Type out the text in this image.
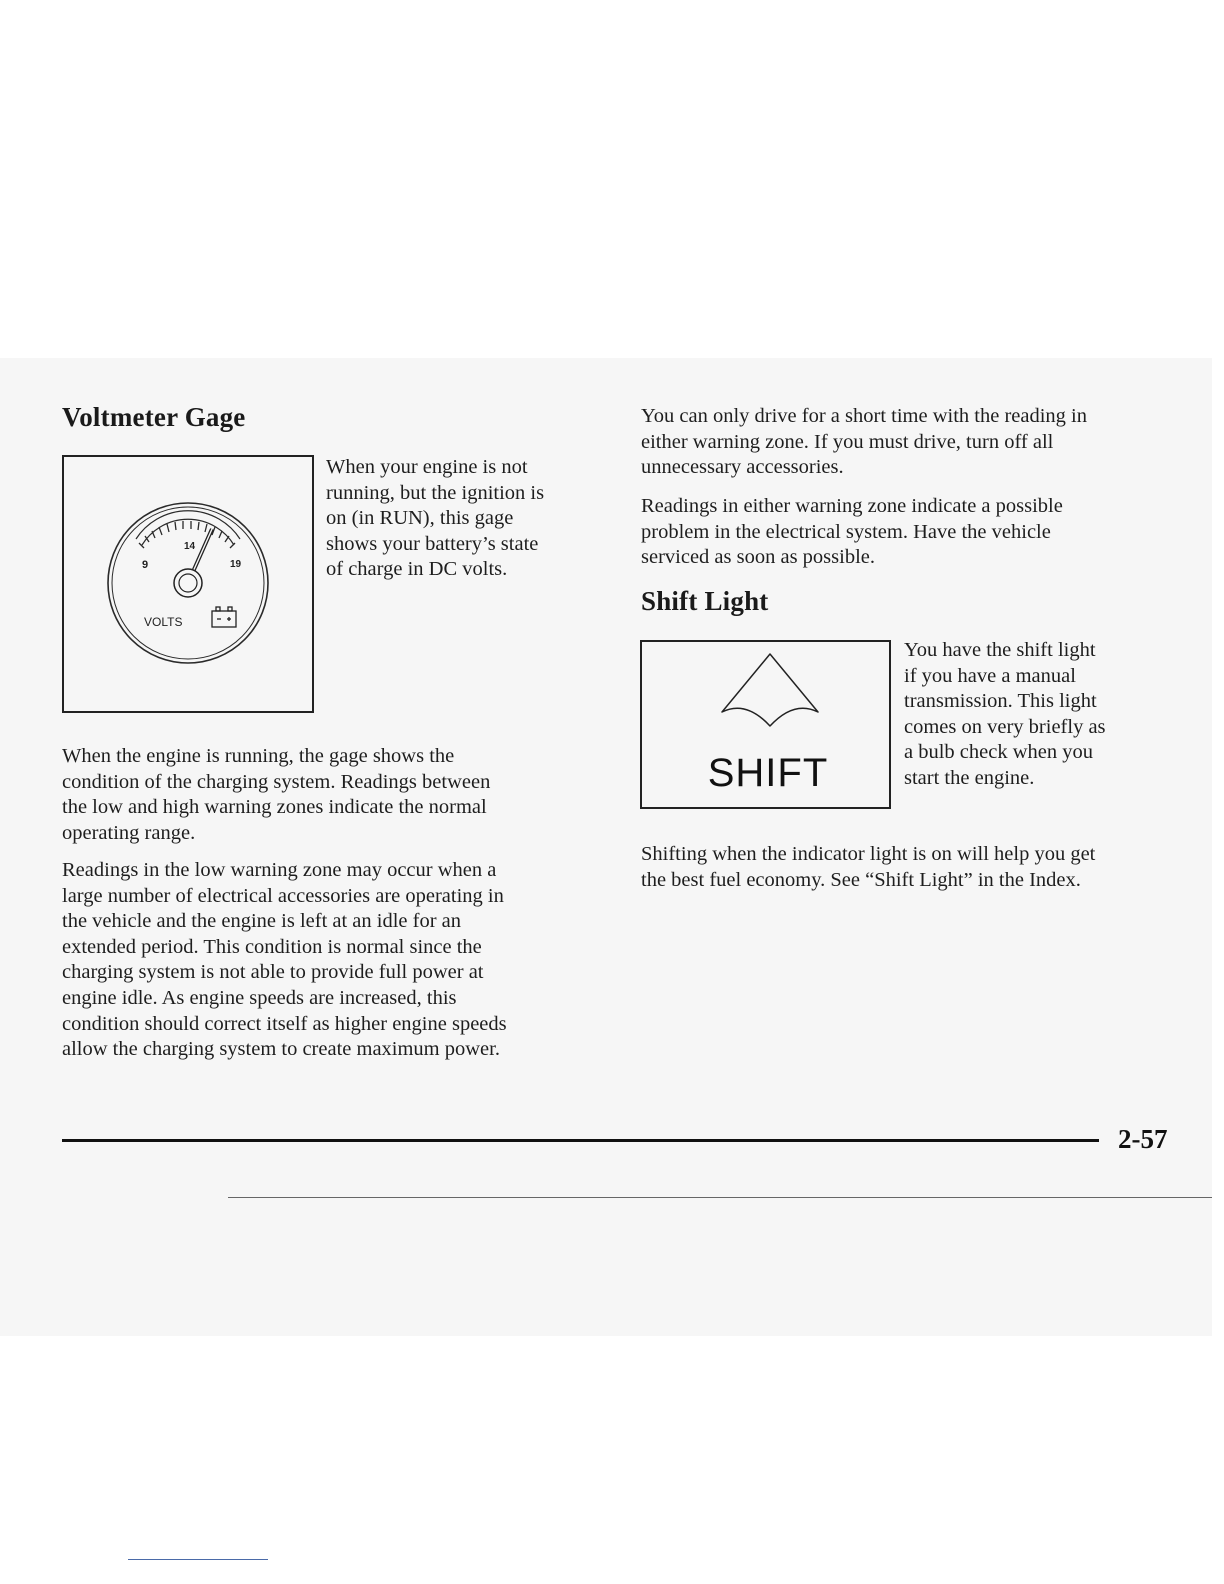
Voltmeter Gage
9
14
19
VOLTS
When your engine is not
running, but the ignition is
on (in RUN), this gage
shows your battery’s state
of charge in DC volts.
When the engine is running, the gage shows the
condition of the charging system. Readings between
the low and high warning zones indicate the normal
operating range.
Readings in the low warning zone may occur when a
large number of electrical accessories are operating in
the vehicle and the engine is left at an idle for an
extended period. This condition is normal since the
charging system is not able to provide full power at
engine idle. As engine speeds are increased, this
condition should correct itself as higher engine speeds
allow the charging system to create maximum power.
You can only drive for a short time with the reading in
either warning zone. If you must drive, turn off all
unnecessary accessories.
Readings in either warning zone indicate a possible
problem in the electrical system. Have the vehicle
serviced as soon as possible.
Shift Light
SHIFT
You have the shift light
if you have a manual
transmission. This light
comes on very briefly as
a bulb check when you
start the engine.
Shifting when the indicator light is on will help you get
the best fuel economy. See “Shift Light” in the Index.
2-57
